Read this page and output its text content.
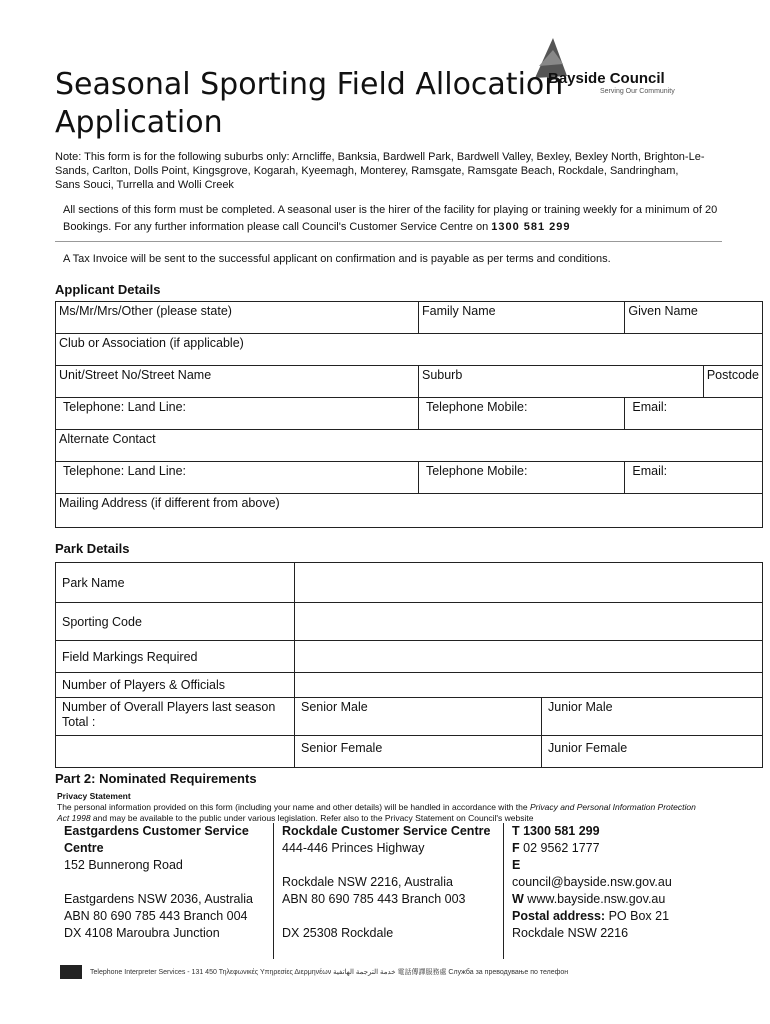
Bayside Council
Serving Our Community
Seasonal Sporting Field Allocation
Application
Note: This form is for the following suburbs only: Arncliffe, Banksia, Bardwell Park, Bardwell Valley, Bexley, Bexley North, Brighton-Le-Sands, Carlton, Dolls Point, Kingsgrove, Kogarah, Kyeemagh, Monterey, Ramsgate, Ramsgate Beach, Rockdale, Sandringham, Sans Souci, Turrella and Wolli Creek
All sections of this form must be completed. A seasonal user is the hirer of the facility for playing or training weekly for a minimum of 20 Bookings. For any further information please call Council's Customer Service Centre on 1300 581 299
A Tax Invoice will be sent to the successful applicant on confirmation and is payable as per terms and conditions.
Applicant Details
Ms/Mr/Mrs/Other (please state)	Family Name	Given Name	
Club or Association (if applicable)			
Unit/Street No/Street Name	Suburb		Postcode
Telephone: Land Line:	Telephone Mobile:	Email:	
Alternate Contact			
Telephone: Land Line:	Telephone Mobile:	Email:	
Mailing Address (if different from above)			
Park Details
Park Name		
Sporting Code		
Field Markings Required		
Number of Players & Officials		

Number of Overall Players last season
Total :	Senior Male	Junior Male
	Senior Female	Junior Female
Part 2: Nominated Requirements
Privacy Statement
The personal information provided on this form (including your name and other details) will be handled in accordance with the Privacy and Personal Information Protection Act 1998 and may be available to the public under various legislation. Refer also to the Privacy Statement on Council's website
Eastgardens Customer Service Centre
152 Bunnerong Road
Eastgardens NSW 2036, Australia
ABN 80 690 785 443 Branch 004
DX 4108 Maroubra Junction
Rockdale Customer Service Centre
444-446 Princes Highway
Rockdale NSW 2216, Australia
ABN 80 690 785 443 Branch 003
DX 25308 Rockdale
T 1300 581 299
F 02 9562 1777
E
council@bayside.nsw.gov.au
W www.bayside.nsw.gov.au
Postal address: PO Box 21
Rockdale NSW 2216
Telephone Interpreter Services - 131 450 Τηλεφωνικές Υπηρεσίες Διερμηνέων خدمة الترجمة الهاتفية 電話傳譯服務處 Служба за преводување по телефон
